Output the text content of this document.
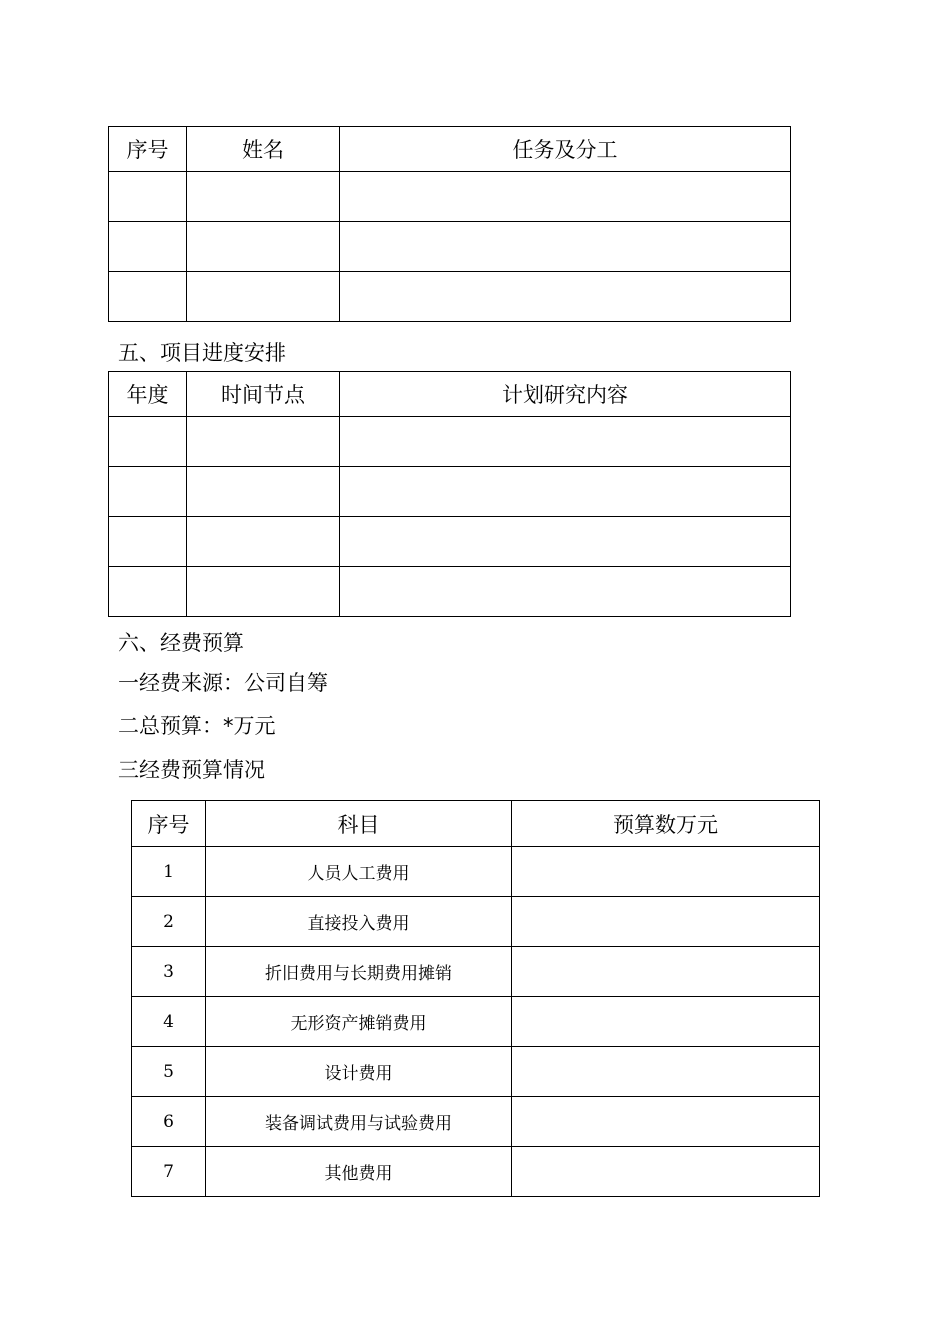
序号	姓名	任务及分工

五、项目进度安排
年度	时间节点	计划研究内容

六、经费预算
一经费来源：公司自筹
二总预算：*万元
三经费预算情况
序号	科目	预算数万元
1	人员人工费用	
2	直接投入费用	
3	折旧费用与长期费用摊销	
4	无形资产摊销费用	
5	设计费用	
6	装备调试费用与试验费用	
7	其他费用	
